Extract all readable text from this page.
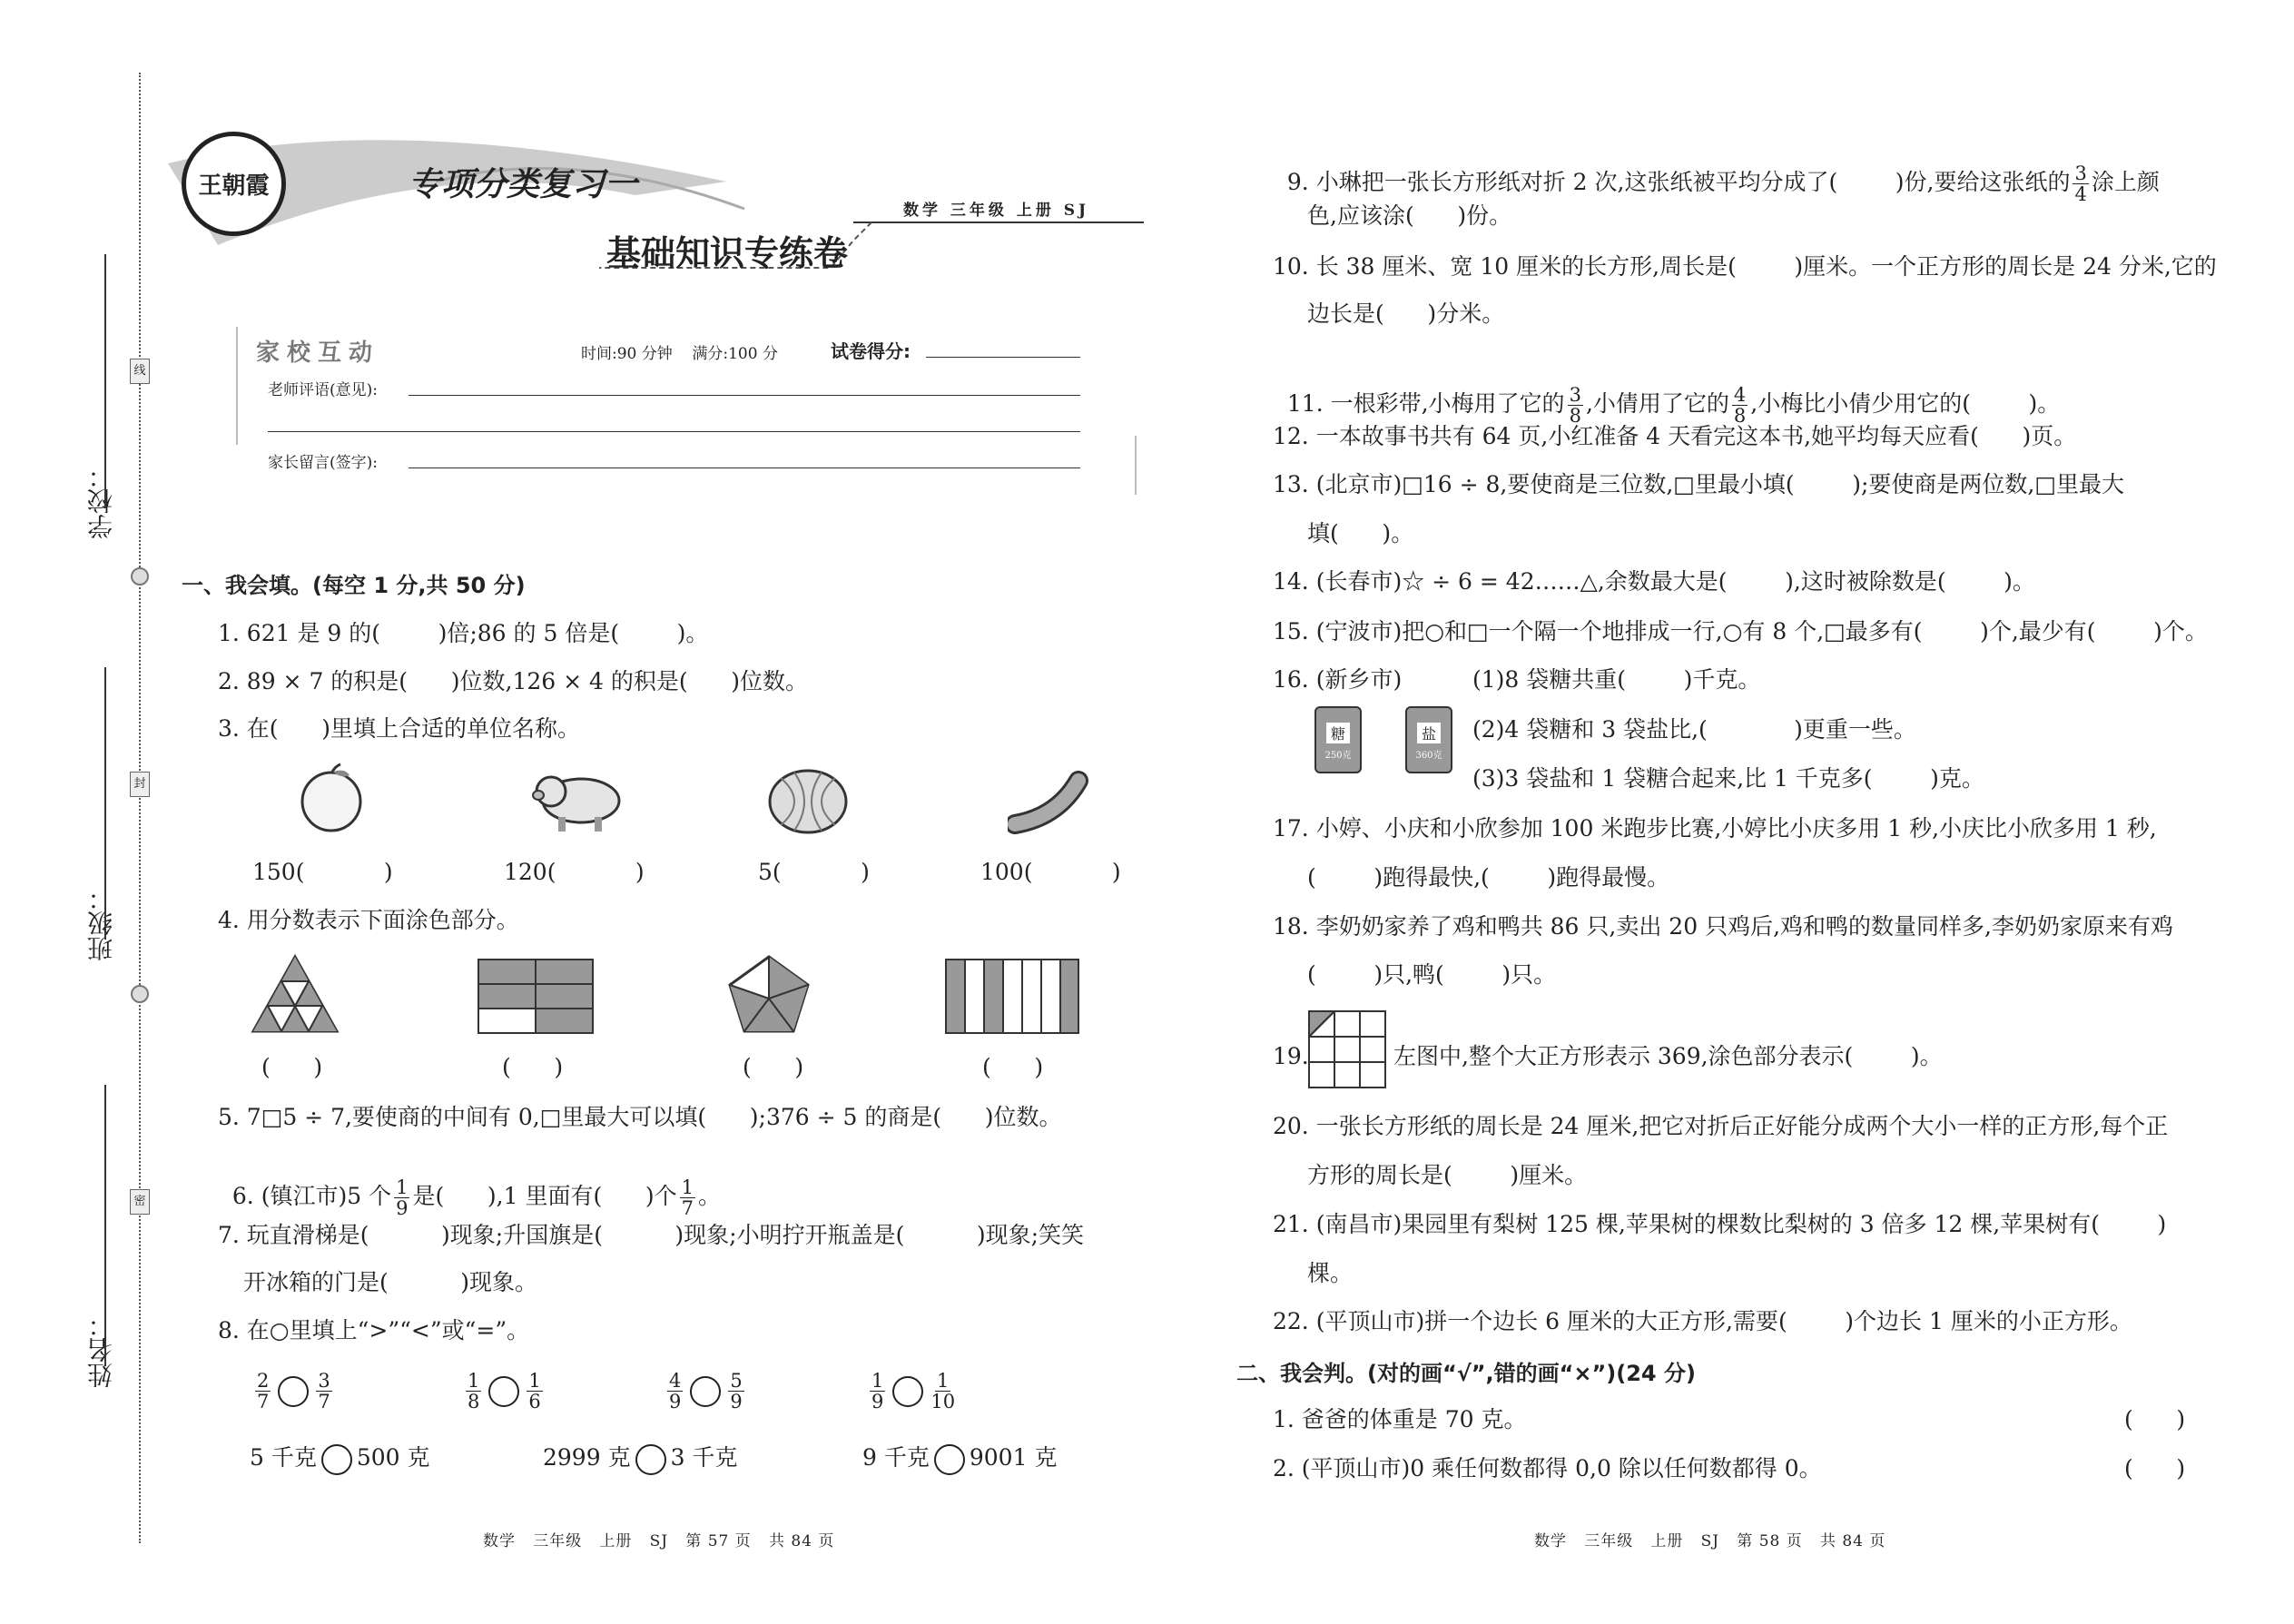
学校：
班级：
姓名：
线
封
密
王朝霞	专项分类复习一
数学 三年级 上册 SJ
基础知识专练卷
家校互动	时间:90 分钟    满分:100 分	试卷得分:
老师评语(意见):
家长留言(签字):
一、我会填。(每空 1 分,共 50 分)
1. 621 是 9 的(        )倍;86 的 5 倍是(        )。
2. 89 × 7 的积是(      )位数,126 × 4 的积是(      )位数。
3. 在(      )里填上合适的单位名称。
150(           )	120(           )	5(           )	100(           )
4. 用分数表示下面涂色部分。
(      )	(      )	(      )	(      )
5. 7□5 ÷ 7,要使商的中间有 0,□里最大可以填(      );376 ÷ 5 的商是(      )位数。

6. (镇江市)5 个 $\frac{1}{9}$ 是(      ),1 里面有(      )个 $\frac{1}{7}$ 。

7. 玩直滑梯是(          )现象;升国旗是(          )现象;小明拧开瓶盖是(          )现象;笑笑
开冰箱的门是(          )现象。
8. 在○里填上“>”“<”或“=”。
$\frac{2}{7} \frac{3}{7}$	$\frac{1}{8} \frac{1}{6}$	$\frac{4}{9} \frac{5}{9}$	$\frac{1}{9} \frac{1}{10}$
5 千克 500 克	2999 克 3 千克	9 千克 9001 克
数学   三年级   上册   SJ   第 57 页   共 84 页

9. 小琳把一张长方形纸对折 2 次,这张纸被平均分成了(        )份,要给这张纸的 $\frac{3}{4}$ 涂上颜

色,应该涂(      )份。
10. 长 38 厘米、宽 10 厘米的长方形,周长是(        )厘米。一个正方形的周长是 24 分米,它的
边长是(      )分米。

11. 一根彩带,小梅用了它的 $\frac{3}{8}$ ,小倩用了它的 $\frac{4}{8}$ ,小梅比小倩少用它的(        )。

12. 一本故事书共有 64 页,小红准备 4 天看完这本书,她平均每天应看(      )页。
13. (北京市)□16 ÷ 8,要使商是三位数,□里最小填(        );要使商是两位数,□里最大
填(      )。
14. (长春市)☆ ÷ 6 = 42……△,余数最大是(        ),这时被除数是(        )。
15. (宁波市)把○和□一个隔一个地排成一行,○有 8 个,□最多有(        )个,最少有(        )个。
16. (新乡市)	(1)8 袋糖共重(        )千克。
糖
250克
盐
360克
(2)4 袋糖和 3 袋盐比,(            )更重一些。
(3)3 袋盐和 1 袋糖合起来,比 1 千克多(        )克。
17. 小婷、小庆和小欣参加 100 米跑步比赛,小婷比小庆多用 1 秒,小庆比小欣多用 1 秒,
(        )跑得最快,(        )跑得最慢。
18. 李奶奶家养了鸡和鸭共 86 只,卖出 20 只鸡后,鸡和鸭的数量同样多,李奶奶家原来有鸡
(        )只,鸭(        )只。
19.	左图中,整个大正方形表示 369,涂色部分表示(        )。
20. 一张长方形纸的周长是 24 厘米,把它对折后正好能分成两个大小一样的正方形,每个正
方形的周长是(        )厘米。
21. (南昌市)果园里有梨树 125 棵,苹果树的棵数比梨树的 3 倍多 12 棵,苹果树有(        )
棵。
22. (平顶山市)拼一个边长 6 厘米的大正方形,需要(        )个边长 1 厘米的小正方形。
二、我会判。(对的画“√”,错的画“×”)(24 分)
1. 爸爸的体重是 70 克。	(      )
2. (平顶山市)0 乘任何数都得 0,0 除以任何数都得 0。	(      )
数学   三年级   上册   SJ   第 58 页   共 84 页
